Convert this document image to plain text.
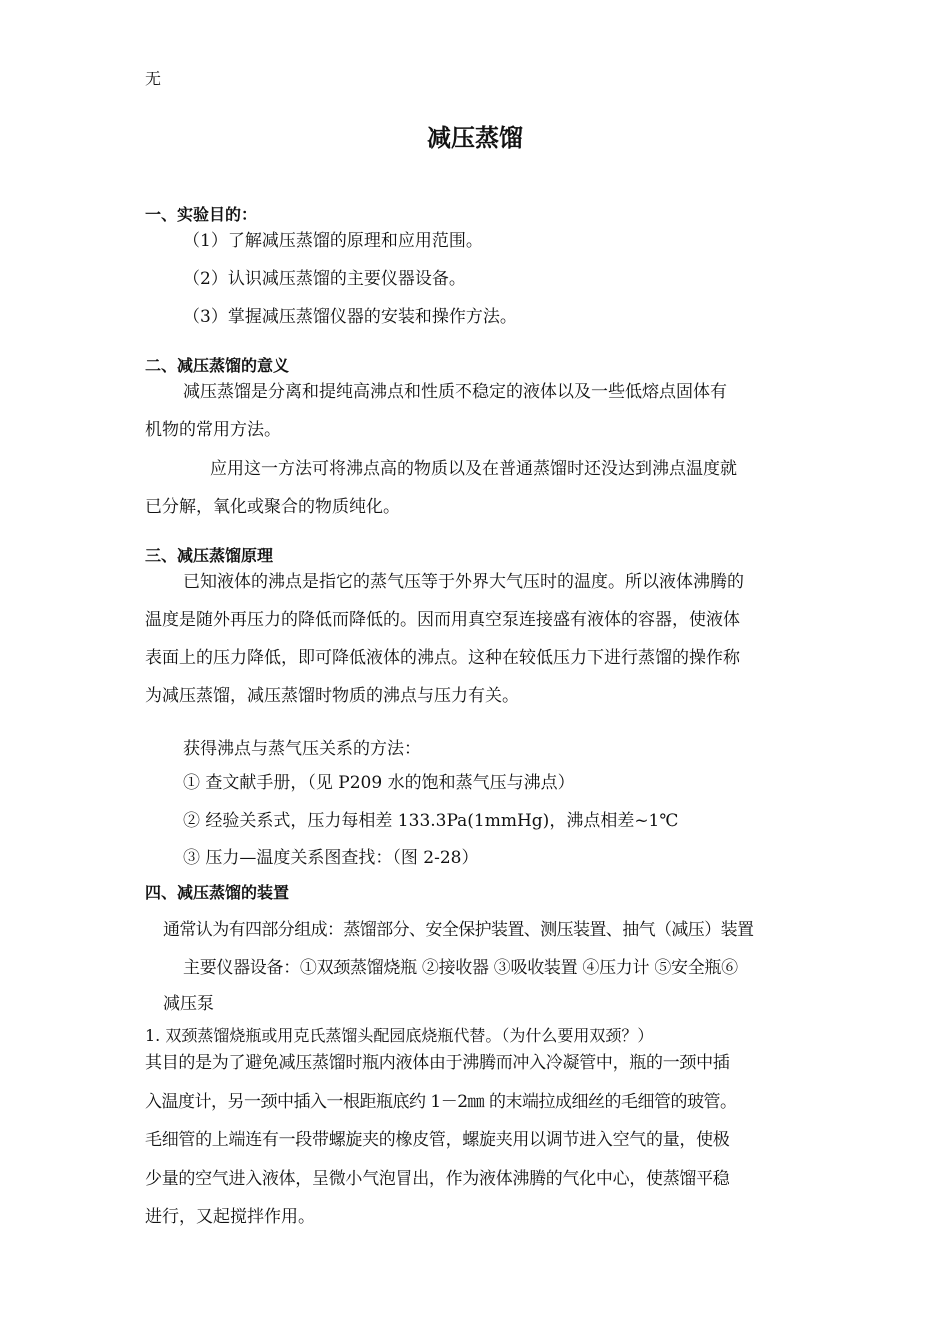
无
减压蒸馏
一、实验目的：
（1）了解减压蒸馏的原理和应用范围。
（2）认识减压蒸馏的主要仪器设备。
（3）掌握减压蒸馏仪器的安装和操作方法。
二、减压蒸馏的意义
减压蒸馏是分离和提纯高沸点和性质不稳定的液体以及一些低熔点固体有
机物的常用方法。
应用这一方法可将沸点高的物质以及在普通蒸馏时还没达到沸点温度就
已分解，氧化或聚合的物质纯化。
三、减压蒸馏原理
已知液体的沸点是指它的蒸气压等于外界大气压时的温度。所以液体沸腾的
温度是随外再压力的降低而降低的。因而用真空泵连接盛有液体的容器，使液体
表面上的压力降低，即可降低液体的沸点。这种在较低压力下进行蒸馏的操作称
为减压蒸馏，减压蒸馏时物质的沸点与压力有关。
获得沸点与蒸气压关系的方法：
① 查文献手册，（见 P209 水的饱和蒸气压与沸点）
② 经验关系式，压力每相差 133.3Pa(1mmHg)，沸点相差~1℃
③ 压力—温度关系图查找：（图 2-28）
四、减压蒸馏的装置
通常认为有四部分组成：蒸馏部分、安全保护装置、测压装置、抽气（减压）装置
主要仪器设备：①双颈蒸馏烧瓶 ②接收器 ③吸收装置 ④压力计 ⑤安全瓶⑥
减压泵
1. 双颈蒸馏烧瓶或用克氏蒸馏头配园底烧瓶代替。（为什么要用双颈？）
其目的是为了避免减压蒸馏时瓶内液体由于沸腾而冲入冷凝管中，瓶的一颈中插
入温度计，另一颈中插入一根距瓶底约 1－2㎜ 的末端拉成细丝的毛细管的玻管。
毛细管的上端连有一段带螺旋夹的橡皮管，螺旋夹用以调节进入空气的量，使极
少量的空气进入液体，呈微小气泡冒出，作为液体沸腾的气化中心，使蒸馏平稳
进行，又起搅拌作用。
